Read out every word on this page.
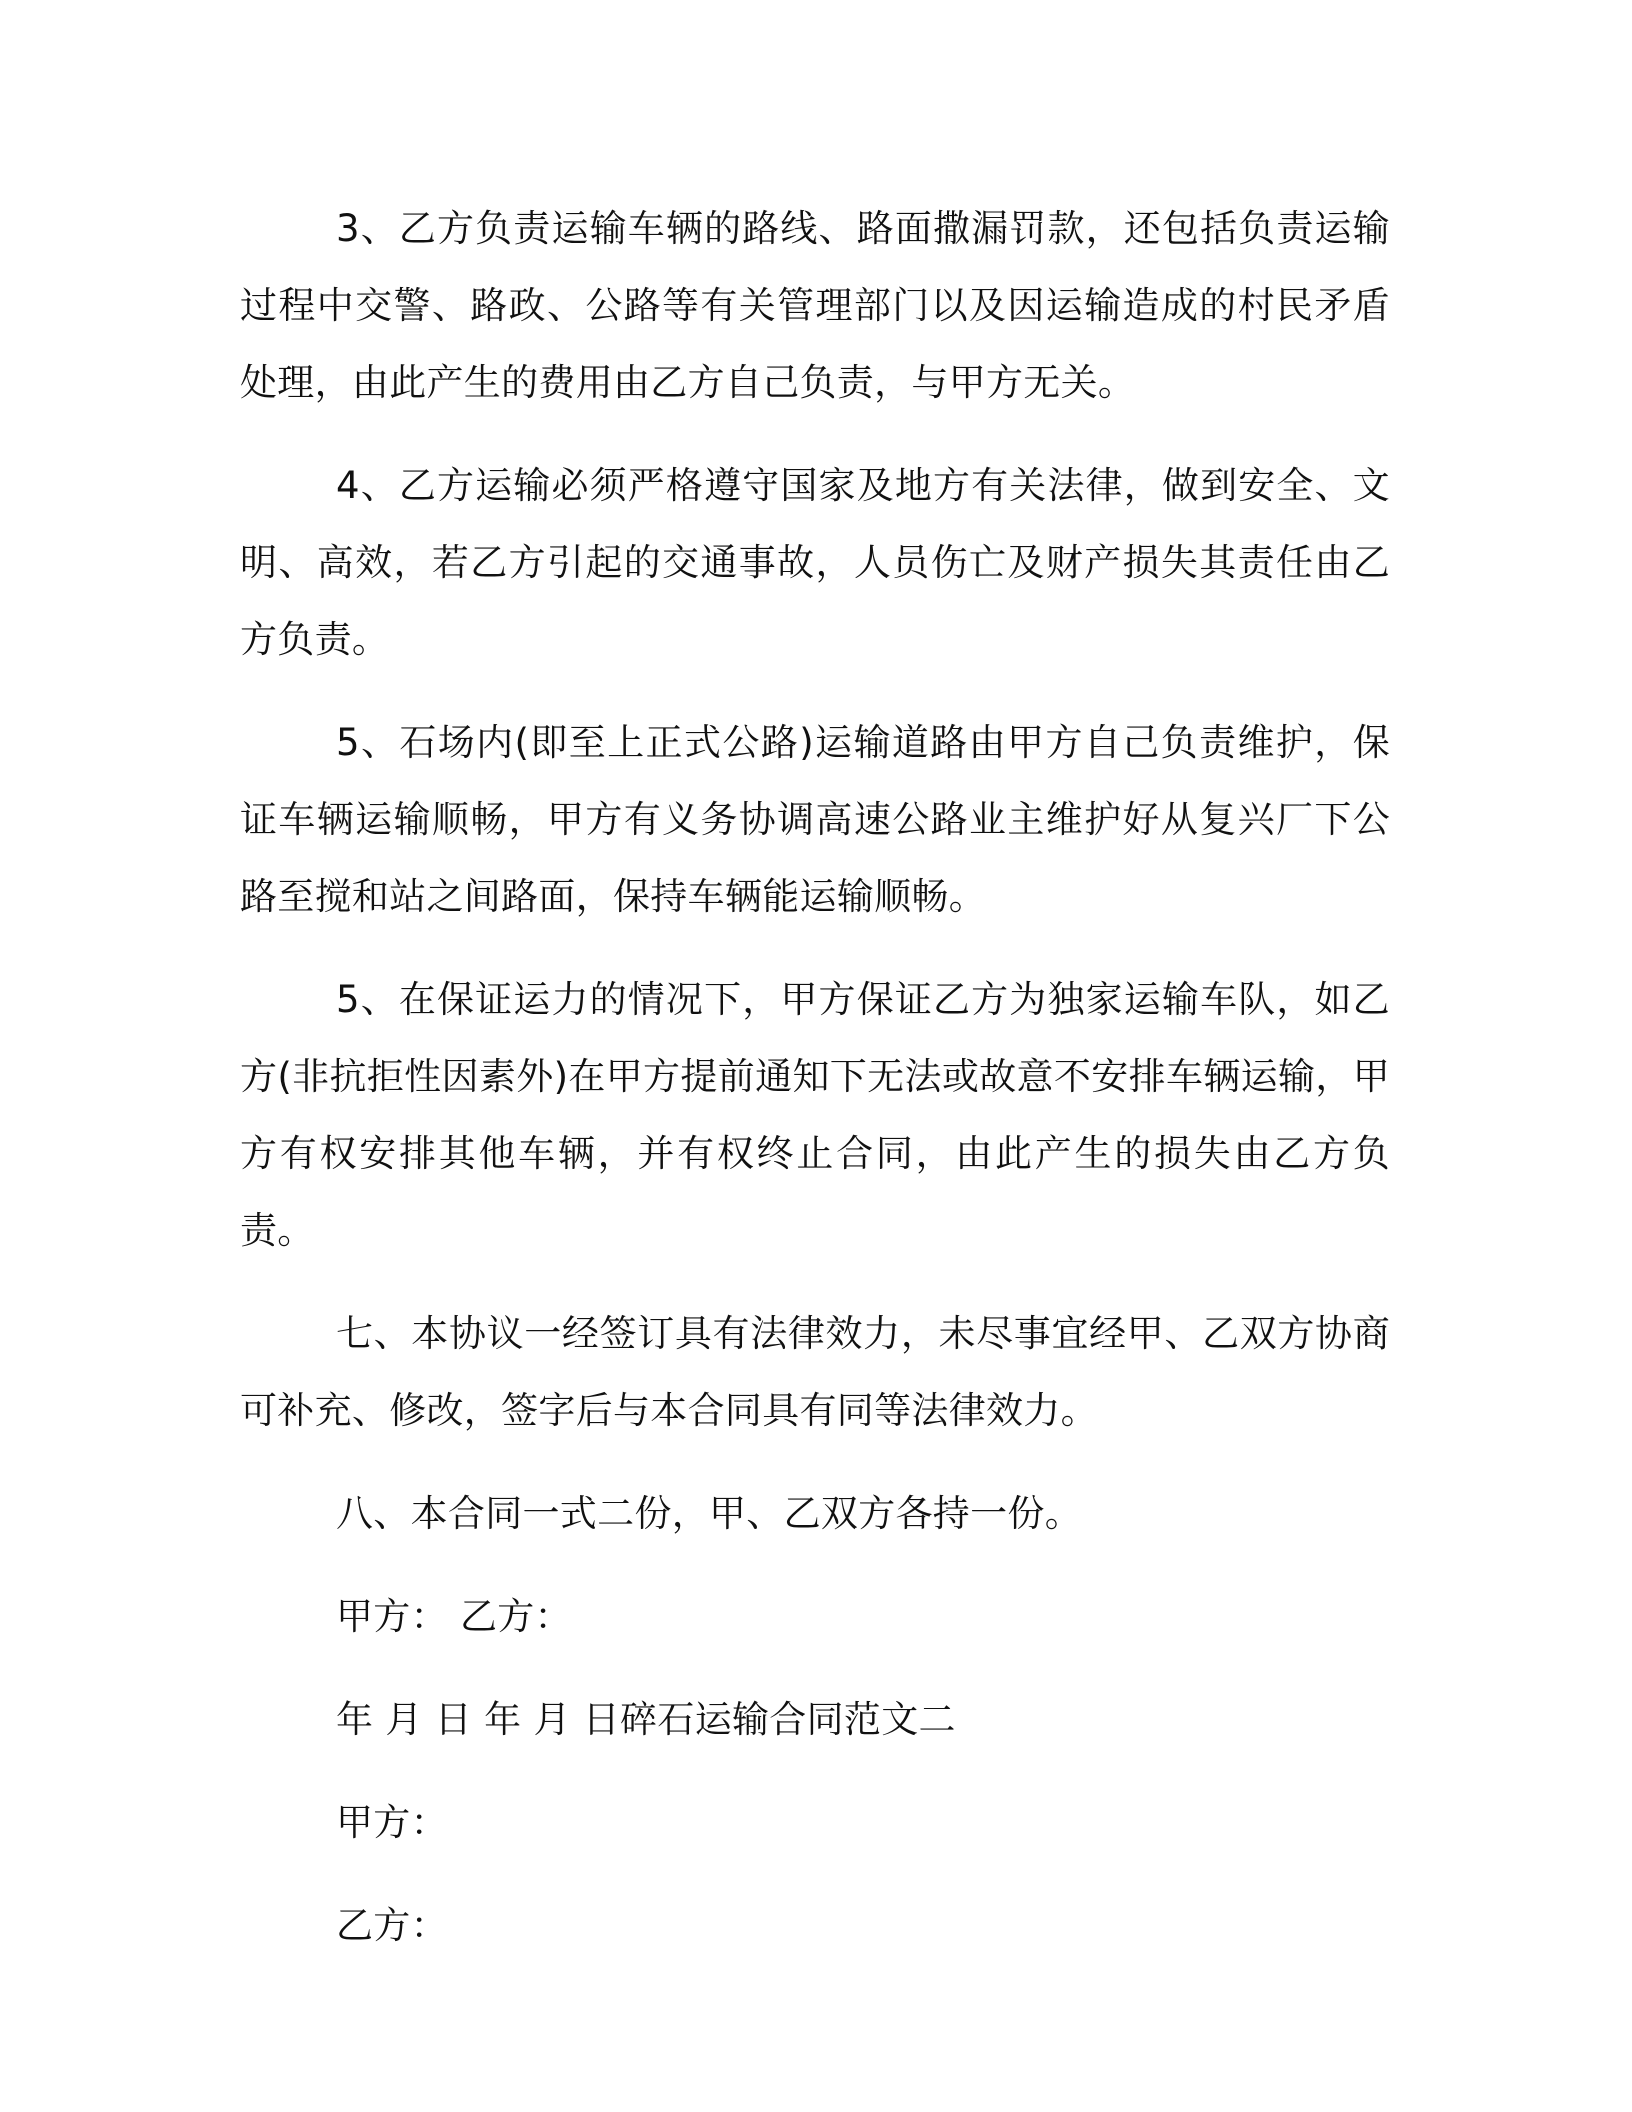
3、乙方负责运输车辆的路线、路面撒漏罚款，还包括负责运输过程中交警、路政、公路等有关管理部门以及因运输造成的村民矛盾处理，由此产生的费用由乙方自己负责，与甲方无关。

4、乙方运输必须严格遵守国家及地方有关法律，做到安全、文明、高效，若乙方引起的交通事故，人员伤亡及财产损失其责任由乙方负责。

5、石场内(即至上正式公路)运输道路由甲方自己负责维护，保证车辆运输顺畅，甲方有义务协调高速公路业主维护好从复兴厂下公路至搅和站之间路面，保持车辆能运输顺畅。

5、在保证运力的情况下，甲方保证乙方为独家运输车队，如乙方(非抗拒性因素外)在甲方提前通知下无法或故意不安排车辆运输，甲方有权安排其他车辆，并有权终止合同，由此产生的损失由乙方负责。

七、本协议一经签订具有法律效力，未尽事宜经甲、乙双方协商可补充、修改，签字后与本合同具有同等法律效力。

八、本合同一式二份，甲、乙双方各持一份。

甲方： 乙方：

年 月 日 年 月 日碎石运输合同范文二

甲方：

乙方：
